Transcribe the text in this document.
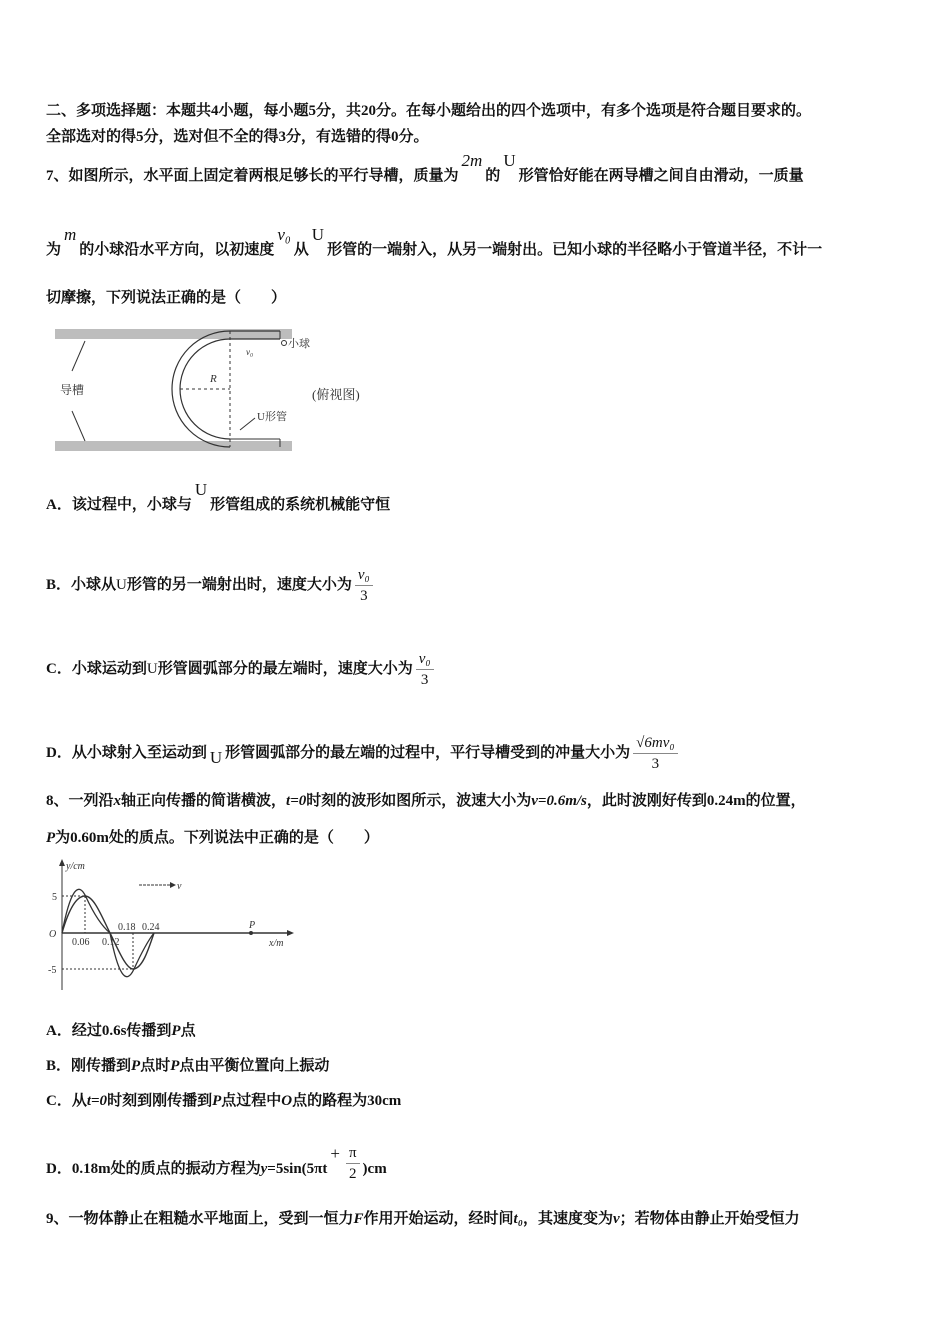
二、多项选择题：本题共4小题，每小题5分，共20分。在每小题给出的四个选项中，有多个选项是符合题目要求的。
全部选对的得5分，选对但不全的得3分，有选错的得0分。
7、如图所示，水平面上固定着两根足够长的平行导槽，质量为2m的U形管恰好能在两导槽之间自由滑动，一质量
为m的小球沿水平方向，以初速度v₀从U形管的一端射入，从另一端射出。已知小球的半径略小于管道半径，不计一
切摩擦，下列说法正确的是（　　）
导槽
R
小球
v₀
U形管
(俯视图)
A．该过程中，小球与U形管组成的系统机械能守恒
B．小球从U形管的另一端射出时，速度大小为 $\frac{\text{v₀}}{3}$
C．小球运动到U形管圆弧部分的最左端时，速度大小为 $\frac{\text{v₀}}{3}$
D．从小球射入至运动到 U 形管圆弧部分的最左端的过程中，平行导槽受到的冲量大小为 $\frac{\text{√6mv₀}}{3}$
8、一列沿x轴正向传播的简谐横波，t=0时刻的波形如图所示，波速大小为v=0.6m/s，此时波刚好传到0.24m的位置，
P为0.60m处的质点。下列说法中正确的是（　　）
y/cm
x/m
5
-5
O
0.06 0.12
0.18 0.24	P
v
A．经过0.6s传播到P点
B．刚传播到P点时P点由平衡位置向上振动
C．从t=0时刻到刚传播到P点过程中O点的路程为30cm
D．0.18m处的质点的振动方程为$y=5\sin(5\pi t+ \frac{\pi}{2} )cm$
9、一物体静止在粗糙水平地面上，受到一恒力F作用开始运动，经时间t₀，其速度变为v；若物体由静止开始受恒力
